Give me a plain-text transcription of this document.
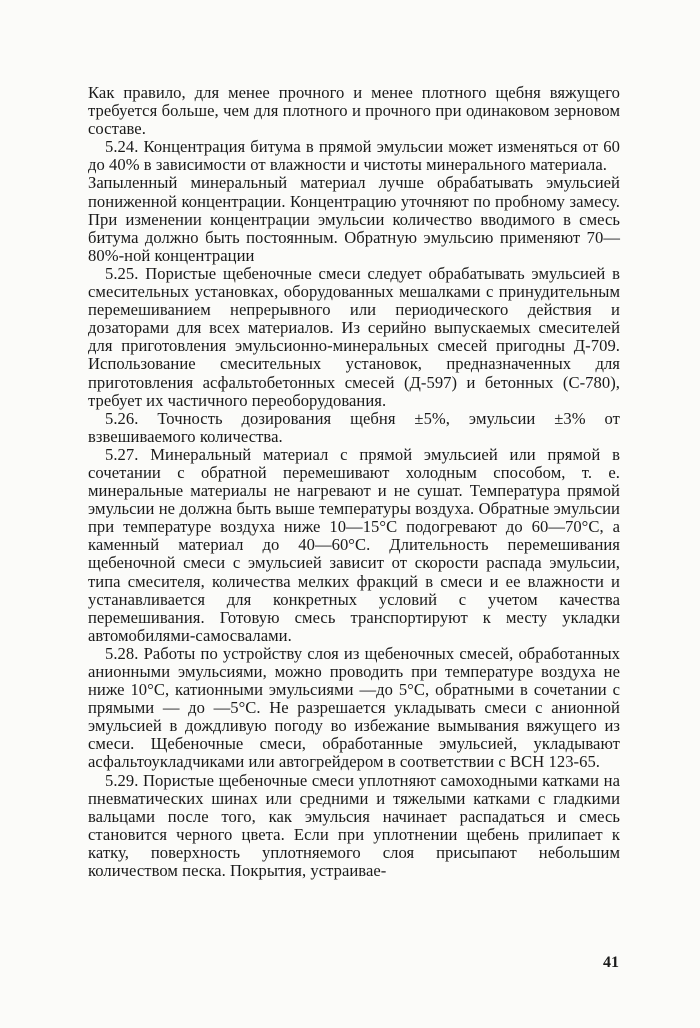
Как правило, для менее прочного и менее плотного щебня вяжущего требуется больше, чем для плотного и прочного при одинаковом зерновом составе.

5.24. Концентрация битума в прямой эмульсии может изменяться от 60 до 40% в зависимости от влажности и чистоты минерального материала.

Запыленный минеральный материал лучше обрабатывать эмульсией пониженной концентрации. Концентрацию уточняют по пробному замесу. При изменении концентрации эмульсии количество вводимого в смесь битума должно быть постоянным. Обратную эмульсию применяют 70—80%-ной концентрации

5.25. Пористые щебеночные смеси следует обрабатывать эмульсией в смесительных установках, оборудованных мешалками с принудительным перемешиванием непрерывного или периодического действия и дозаторами для всех материалов. Из серийно выпускаемых смесителей для приготовления эмульсионно-минеральных смесей пригодны Д-709. Использование смесительных установок, предназначенных для приготовления асфальтобетонных смесей (Д-597) и бетонных (С-780), требует их частичного переоборудования.

5.26. Точность дозирования щебня ±5%, эмульсии ±3% от взвешиваемого количества.

5.27. Минеральный материал с прямой эмульсией или прямой в сочетании с обратной перемешивают холодным способом, т. е. минеральные материалы не нагревают и не сушат. Температура прямой эмульсии не должна быть выше температуры воздуха. Обратные эмульсии при температуре воздуха ниже 10—15°С подогревают до 60—70°С, а каменный материал до 40—60°С. Длительность перемешивания щебеночной смеси с эмульсией зависит от скорости распада эмульсии, типа смесителя, количества мелких фракций в смеси и ее влажности и устанавливается для конкретных условий с учетом качества перемешивания. Готовую смесь транспортируют к месту укладки автомобилями-самосвалами.

5.28. Работы по устройству слоя из щебеночных смесей, обработанных анионными эмульсиями, можно проводить при температуре воздуха не ниже 10°С, катионными эмульсиями —до 5°С, обратными в сочетании с прямыми — до —5°С. Не разрешается укладывать смеси с анионной эмульсией в дождливую погоду во избежание вымывания вяжущего из смеси. Щебеночные смеси, обработанные эмульсией, укладывают асфальтоукладчиками или автогрейдером в соответствии с ВСН 123-65.

5.29. Пористые щебеночные смеси уплотняют самоходными катками на пневматических шинах или средними и тяжелыми катками с гладкими вальцами после того, как эмульсия начинает распадаться и смесь становится черного цвета. Если при уплотнении щебень прилипает к катку, поверхность уплотняемого слоя присыпают небольшим количеством песка. Покрытия, устраивае-

41
